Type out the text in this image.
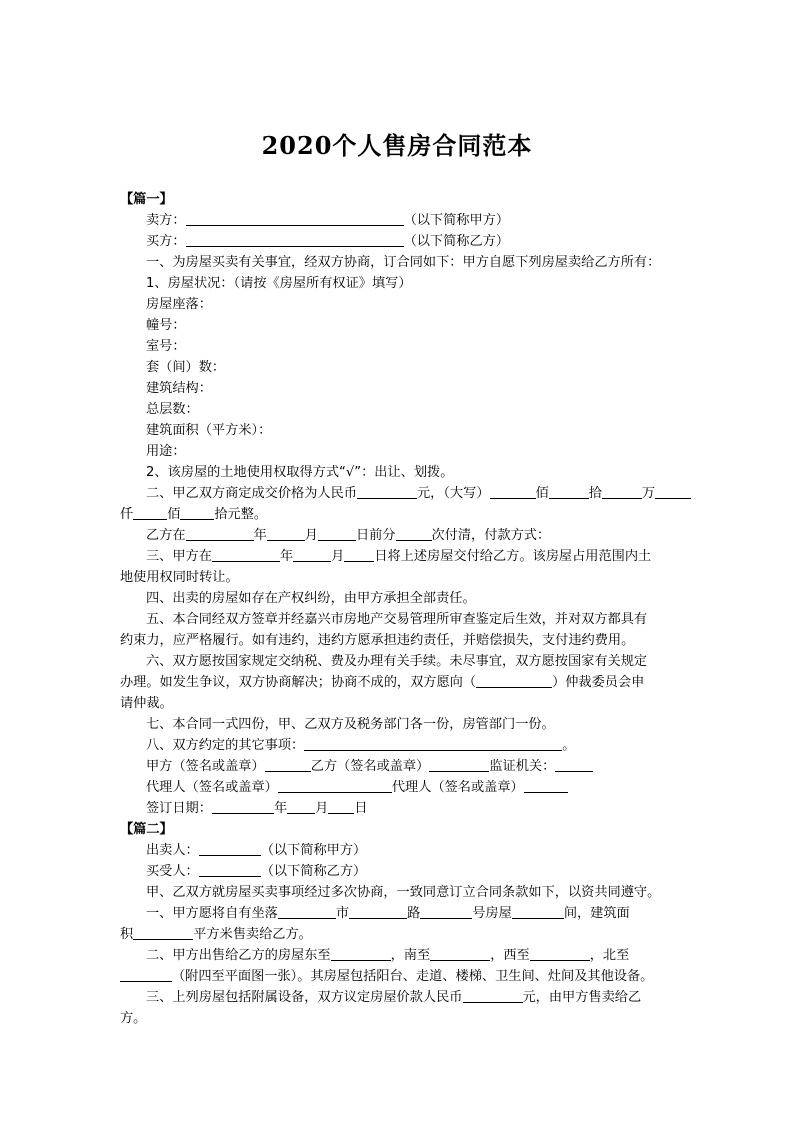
2020个人售房合同范本
【篇一】
卖方：	（以下简称甲方）
买方：	（以下简称乙方）
一、为房屋买卖有关事宜，经双方协商，订合同如下：甲方自愿下列房屋卖给乙方所有：
1、房屋状况：（请按《房屋所有权证》填写）
房屋座落：
幢号：
室号：
套（间）数：
建筑结构：
总层数：
建筑面积（平方米）：
用途：
2、该房屋的土地使用权取得方式“√”：出让、划拨。
二、甲乙双方商定成交价格为人民币	元，（大写）	佰	拾	万
仟	佰	拾元整。
乙方在	年	月	日前分	次付清，付款方式：
三、甲方在	年	月 日将上述房屋交付给乙方。该房屋占用范围内土
地使用权同时转让。
四、出卖的房屋如存在产权纠纷，由甲方承担全部责任。
五、本合同经双方签章并经嘉兴市房地产交易管理所审查鉴定后生效，并对双方都具有
约束力，应严格履行。如有违约，违约方愿承担违约责任，并赔偿损失，支付违约费用。
六、双方愿按国家规定交纳税、费及办理有关手续。未尽事宜，双方愿按国家有关规定
办理。如发生争议，双方协商解决；协商不成的，双方愿向（	）仲裁委员会申
请仲裁。
七、本合同一式四份，甲、乙双方及税务部门各一份，房管部门一份。
八、双方约定的其它事项：	。
甲方（签名或盖章）	乙方（签名或盖章）	监证机关：
代理人（签名或盖章）	代理人（签名或盖章）
签订日期：	年 月 日
【篇二】
出卖人：	（以下简称甲方）
买受人：	（以下简称乙方）
甲、乙双方就房屋买卖事项经过多次协商，一致同意订立合同条款如下，以资共同遵守。
一、甲方愿将自有坐落	市	路	号房屋	间，建筑面
积	平方米售卖给乙方。
二、甲方出售给乙方的房屋东至	，南至	，西至	，北至
（附四至平面图一张）。其房屋包括阳台、走道、楼梯、卫生间、灶间及其他设备。
三、上列房屋包括附属设备，双方议定房屋价款人民币	元，由甲方售卖给乙
方。
